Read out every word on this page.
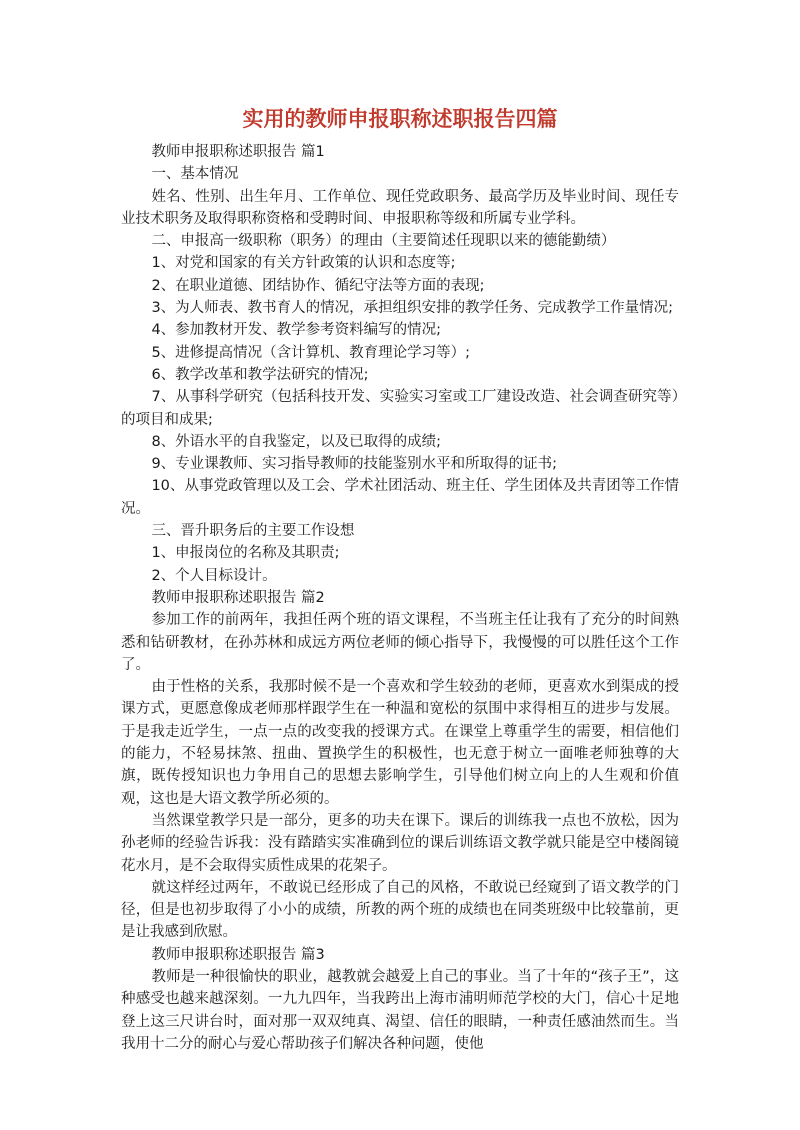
实用的教师申报职称述职报告四篇

教师申报职称述职报告 篇1

一、基本情况

姓名、性别、出生年月、工作单位、现任党政职务、最高学历及毕业时间、现任专业技术职务及取得职称资格和受聘时间、申报职称等级和所属专业学科。

二、申报高一级职称（职务）的理由（主要简述任现职以来的德能勤绩）

1、对党和国家的有关方针政策的认识和态度等;

2、在职业道德、团结协作、循纪守法等方面的表现;

3、为人师表、教书育人的情况，承担组织安排的教学任务、完成教学工作量情况;

4、参加教材开发、教学参考资料编写的情况;

5、进修提高情况（含计算机、教育理论学习等）;

6、教学改革和教学法研究的情况;

7、从事科学研究（包括科技开发、实验实习室或工厂建设改造、社会调查研究等）的项目和成果;

8、外语水平的自我鉴定，以及已取得的成绩;

9、专业课教师、实习指导教师的技能鉴别水平和所取得的证书;

10、从事党政管理以及工会、学术社团活动、班主任、学生团体及共青团等工作情况。

三、晋升职务后的主要工作设想

1、申报岗位的名称及其职责;

2、个人目标设计。

教师申报职称述职报告 篇2

参加工作的前两年，我担任两个班的语文课程，不当班主任让我有了充分的时间熟悉和钻研教材，在孙苏林和成远方两位老师的倾心指导下，我慢慢的可以胜任这个工作了。

由于性格的关系，我那时候不是一个喜欢和学生较劲的老师，更喜欢水到渠成的授课方式，更愿意像成老师那样跟学生在一种温和宽松的氛围中求得相互的进步与发展。于是我走近学生，一点一点的改变我的授课方式。在课堂上尊重学生的需要，相信他们的能力，不轻易抹煞、扭曲、置换学生的积极性，也无意于树立一面唯老师独尊的大旗，既传授知识也力争用自己的思想去影响学生，引导他们树立向上的人生观和价值观，这也是大语文教学所必须的。

当然课堂教学只是一部分，更多的功夫在课下。课后的训练我一点也不放松，因为孙老师的经验告诉我：没有踏踏实实准确到位的课后训练语文教学就只能是空中楼阁镜花水月，是不会取得实质性成果的花架子。

就这样经过两年，不敢说已经形成了自己的风格，不敢说已经窥到了语文教学的门径，但是也初步取得了小小的成绩，所教的两个班的成绩也在同类班级中比较靠前，更是让我感到欣慰。

教师申报职称述职报告 篇3

教师是一种很愉快的职业，越教就会越爱上自己的事业。当了十年的“孩子王”，这种感受也越来越深刻。一九九四年，当我跨出上海市浦明师范学校的大门，信心十足地登上这三尺讲台时，面对那一双双纯真、渴望、信任的眼睛，一种责任感油然而生。当我用十二分的耐心与爱心帮助孩子们解决各种问题，使他
